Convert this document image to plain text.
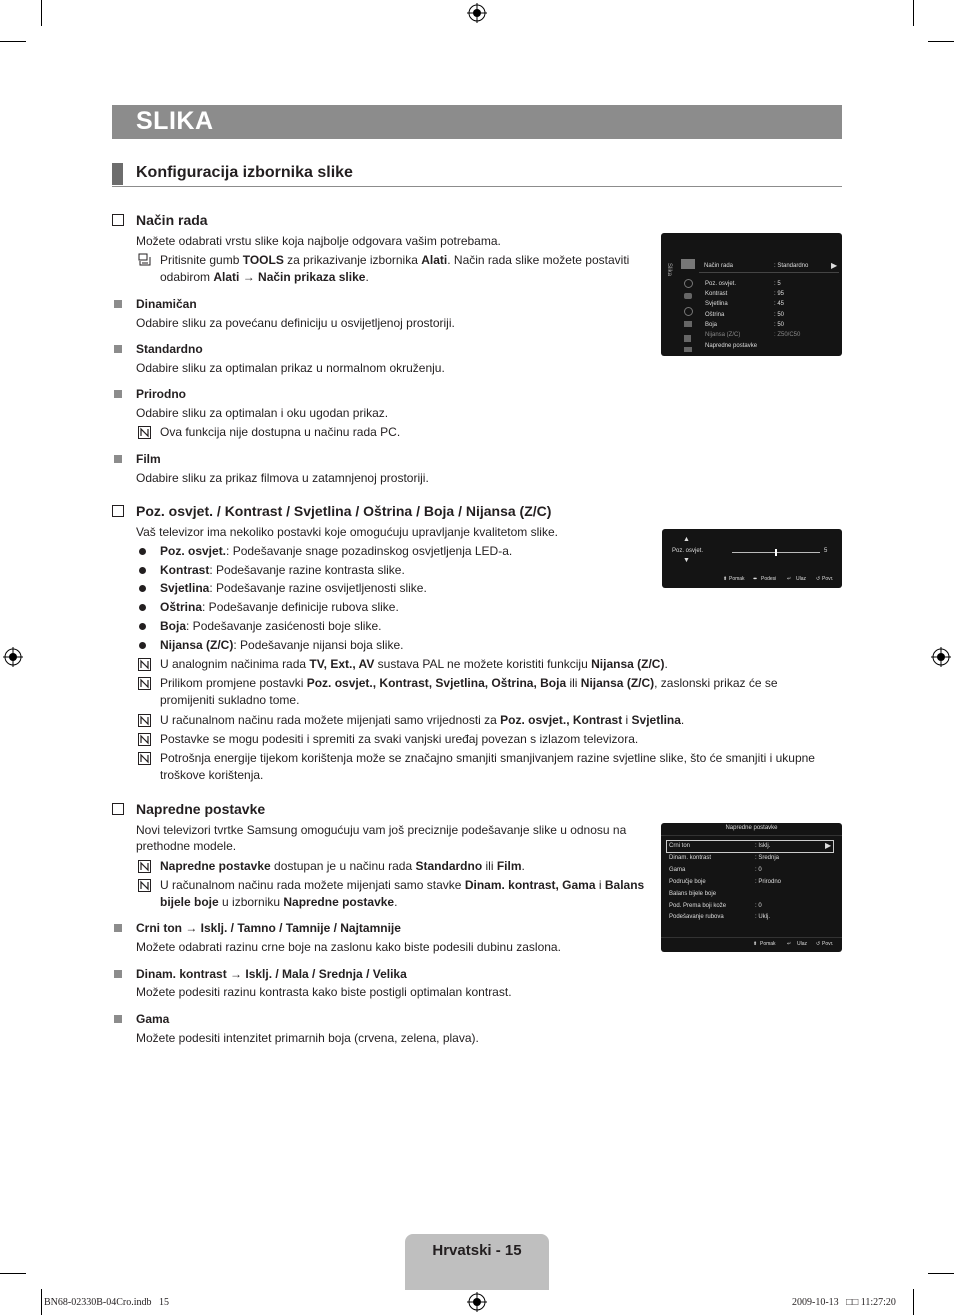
SLIKA
Konfiguracija izbornika slike
Način rada
Možete odabrati vrstu slike koja najbolje odgovara vašim potrebama.
Pritisnite gumb TOOLS za prikazivanje izbornika Alati. Način rada slike možete postaviti
odabirom Alati → Način prikaza slike.
Dinamičan
Odabire sliku za povećanu definiciju u osvijetljenoj prostoriji.
Standardno
Odabire sliku za optimalan prikaz u normalnom okruženju.
Prirodno
Odabire sliku za optimalan i oku ugodan prikaz.
Ova funkcija nije dostupna u načinu rada PC.
Film
Odabire sliku za prikaz filmova u zatamnjenoj prostoriji.
Slika	Način rada	: Standardno	▶
Poz. osvjet.	: 5
Kontrast	: 95
Svjetlina	: 45
Oštrina	: 50
Boja	: 50
Nijansa (Z/C)	: Z50/C50
Napredne postavke
Poz. osvjet. / Kontrast / Svjetlina / Oštrina / Boja / Nijansa (Z/C)
Vaš televizor ima nekoliko postavki koje omogućuju upravljanje kvalitetom slike.
Poz. osvjet.: Podešavanje snage pozadinskog osvjetljenja LED-a.
Kontrast: Podešavanje razine kontrasta slike.
Svjetlina: Podešavanje razine osvijetljenosti slike.
Oštrina: Podešavanje definicije rubova slike.
Boja: Podešavanje zasićenosti boje slike.
Nijansa (Z/C): Podešavanje nijansi boja slike.
U analognim načinima rada TV, Ext., AV sustava PAL ne možete koristiti funkciju Nijansa (Z/C).
Prilikom promjene postavki Poz. osvjet., Kontrast, Svjetlina, Oštrina, Boja ili Nijansa (Z/C), zaslonski prikaz će se
promijeniti sukladno tome.
U računalnom načinu rada možete mijenjati samo vrijednosti za Poz. osvjet., Kontrast i Svjetlina.
Postavke se mogu podesiti i spremiti za svaki vanjski uređaj povezan s izlazom televizora.
Potrošnja energije tijekom korištenja može se značajno smanjiti smanjivanjem razine svjetline slike, što će smanjiti i ukupne
troškove korištenja.
▲
Poz. osvjet.	5
▼
⬍ Pomak ⬌ Podesi ↵ Ulaz ↺ Povr.
Napredne postavke
Novi televizori tvrtke Samsung omogućuju vam još preciznije podešavanje slike u odnosu na
prethodne modele.
Napredne postavke dostupan je u načinu rada Standardno ili Film.
U računalnom načinu rada možete mijenjati samo stavke Dinam. kontrast, Gama i Balans
bijele boje u izborniku Napredne postavke.
Crni ton → Isklj. / Tamno / Tamnije / Najtamnije
Možete odabrati razinu crne boje na zaslonu kako biste podesili dubinu zaslona.
Dinam. kontrast → Isklj. / Mala / Srednja / Velika
Možete podesiti razinu kontrasta kako biste postigli optimalan kontrast.
Gama
Možete podesiti intenzitet primarnih boja (crvena, zelena, plava).
Napredne postavke
Crni ton	: Isklj.	▶
Dinam. kontrast	: Srednja
Gama	: 0
Područje boje	: Prirodno
Balans bijele boje
Pod. Prema boji kože	: 0
Podešavanje rubova	: Uklj.
⬍ Pomak ↵ Ulaz ↺ Povr.
Hrvatski - 15
BN68-02330B-04Cro.indb   15	2009-10-13   □□ 11:27:20
